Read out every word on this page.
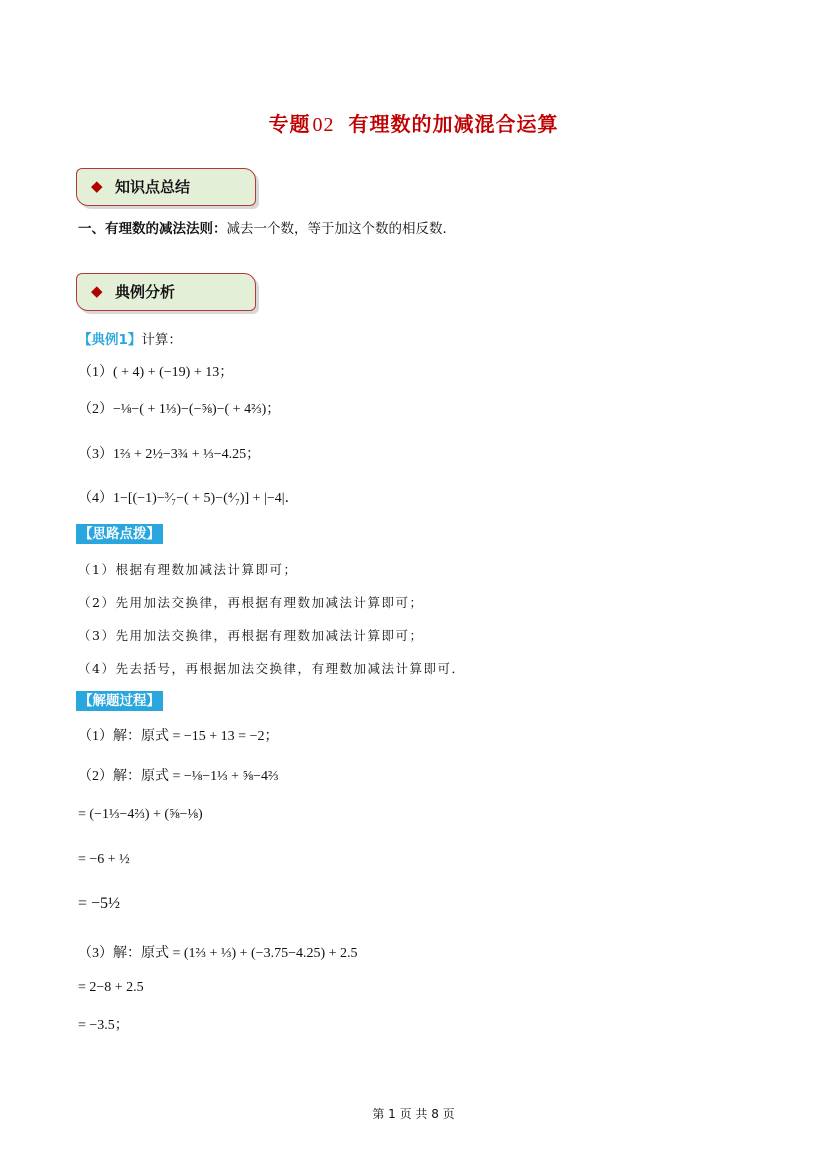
专题 02 有理数的加减混合运算
◆ 知识点总结
一、有理数的减法法则：减去一个数，等于加这个数的相反数．
◆ 典例分析
【典例1】计算：
（1）( + 4) + (−19) + 13；
（2）−⅛−( + 1⅓)−(−⅝)−( + 4⅔)；
（3）1⅔ + 2½−3¾ + ⅓−4.25；
（4）1−[(−1)−³⁄₇−( + 5)−(⁴⁄₇)] + |−4|．
【思路点拨】
（1）根据有理数加减法计算即可；
（2）先用加法交换律，再根据有理数加减法计算即可；
（3）先用加法交换律，再根据有理数加减法计算即可；
（4）先去括号，再根据加法交换律，有理数加减法计算即可．
【解题过程】
（1）解：原式 = −15 + 13 = −2；
（2）解：原式 = −⅛−1⅓ + ⅝−4⅔
= (−1⅓−4⅔) + (⅝−⅛)
= −6 + ½
= −5½
（3）解：原式 = (1⅔ + ⅓) + (−3.75−4.25) + 2.5
= 2−8 + 2.5
= −3.5；
第 1 页 共 8 页
